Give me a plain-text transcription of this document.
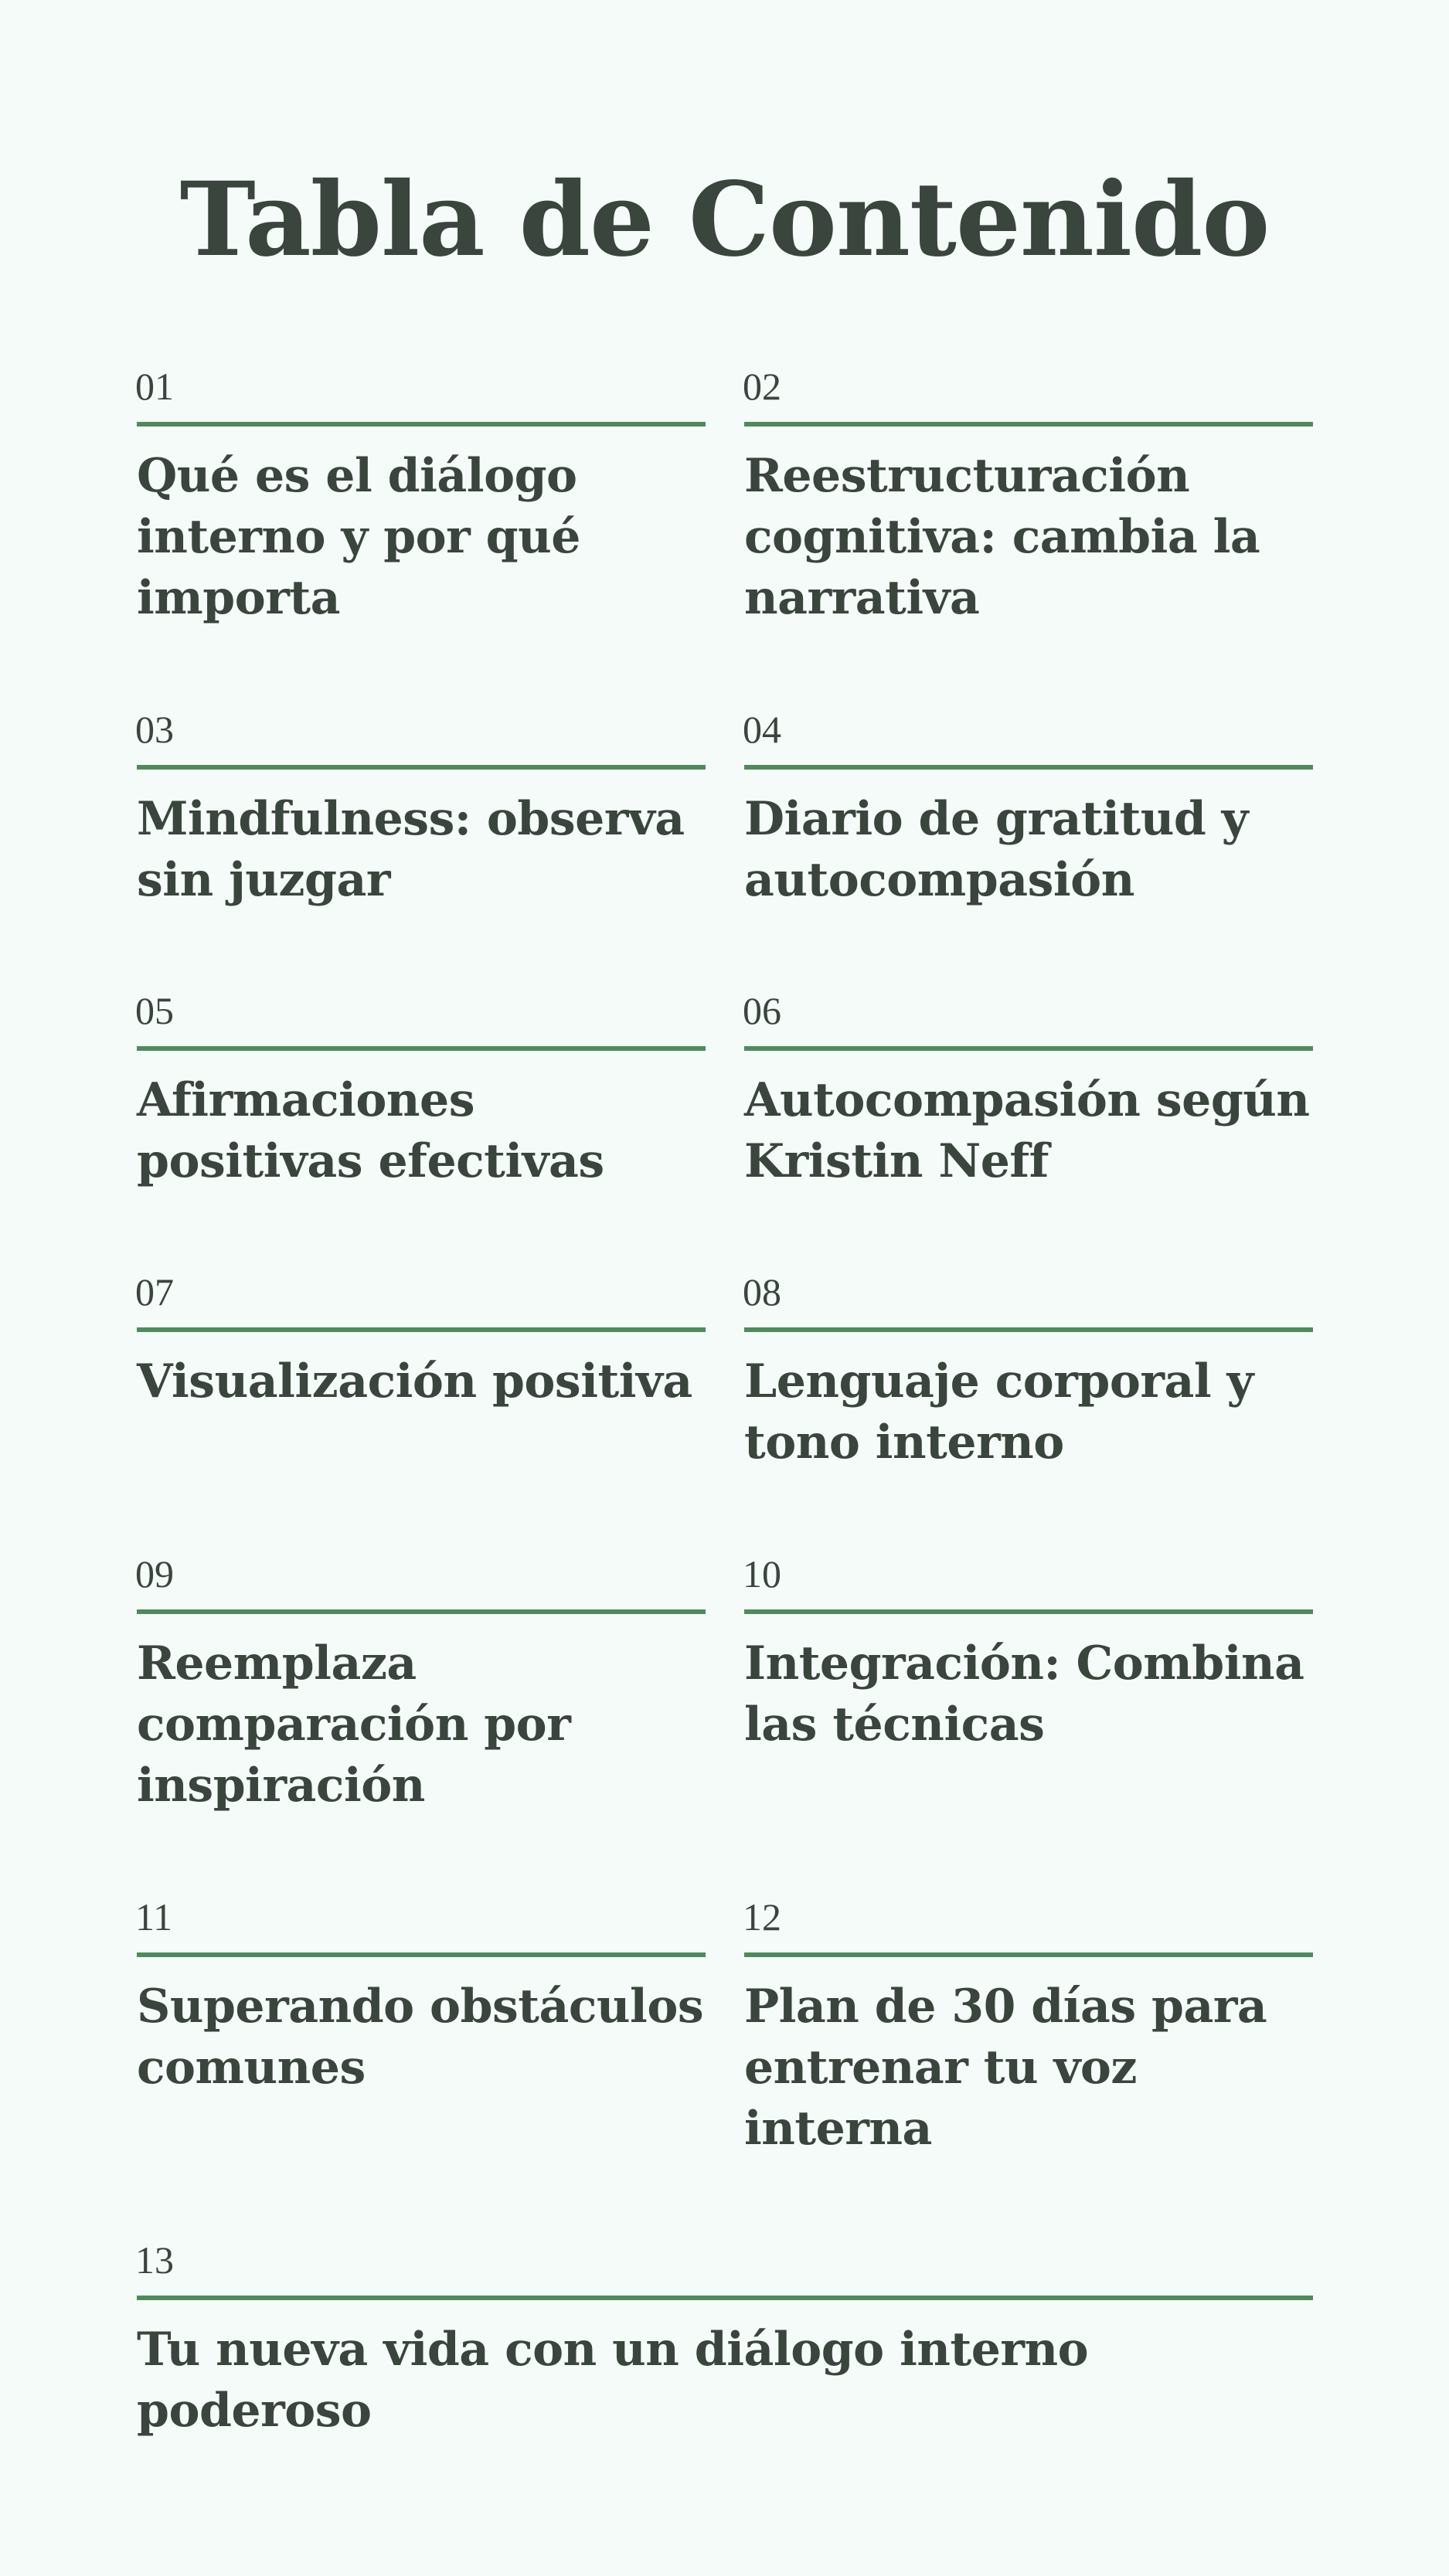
Tabla de Contenido
01
Qué es el diálogo interno y por qué importa
02
Reestructuración cognitiva: cambia la narrativa
03
Mindfulness: observa sin juzgar
04
Diario de gratitud y autocompasión
05
Afirmaciones positivas efectivas
06
Autocompasión según Kristin Neff
07
Visualización positiva
08
Lenguaje corporal y tono interno
09
Reemplaza comparación por inspiración
10
Integración: Combina las técnicas
11
Superando obstáculos comunes
12
Plan de 30 días para entrenar tu voz interna
13
Tu nueva vida con un diálogo interno poderoso
